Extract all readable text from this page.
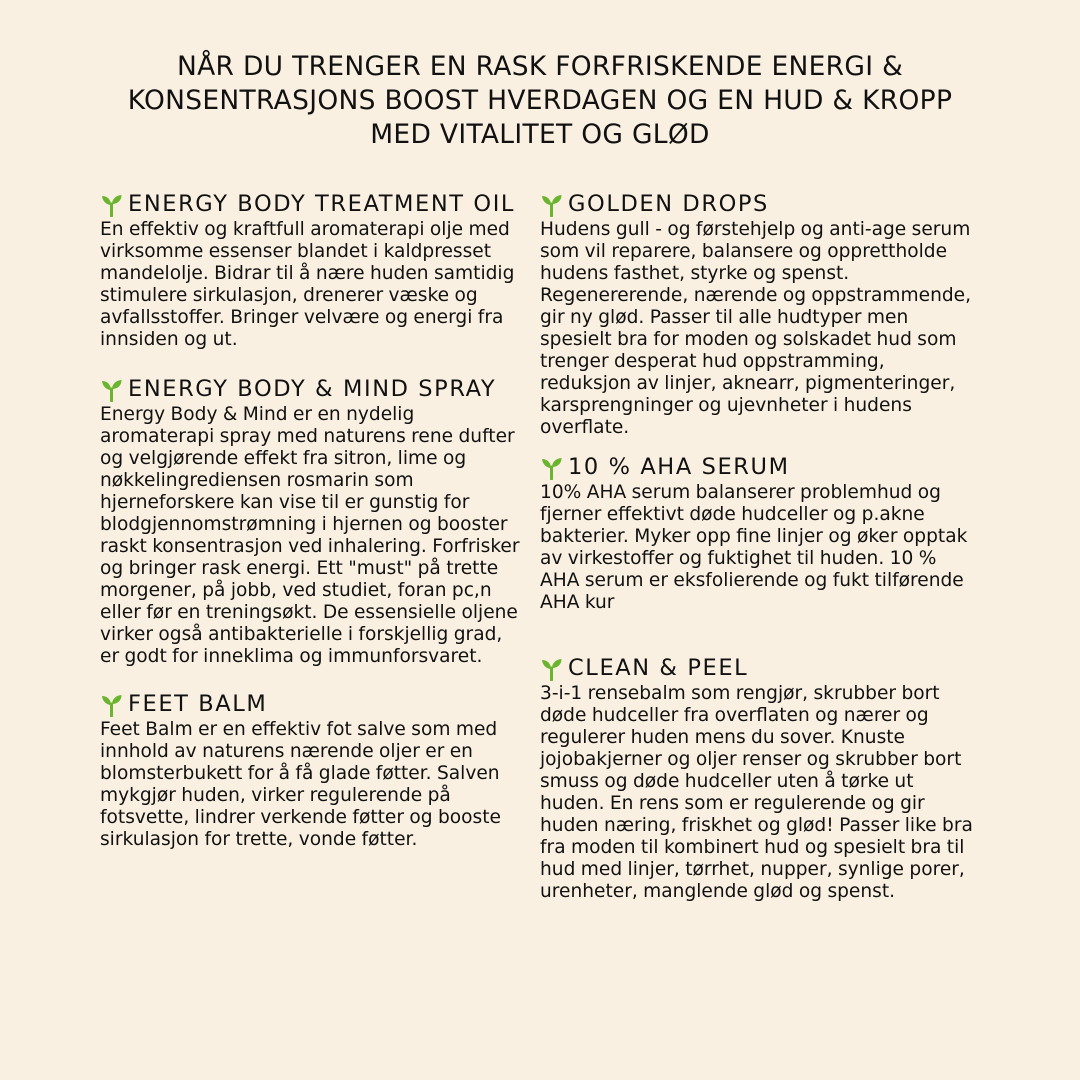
NÅR DU TRENGER EN RASK FORFRISKENDE ENERGI &
KONSENTRASJONS BOOST HVERDAGEN OG EN HUD & KROPP
MED VITALITET OG GLØD
ENERGY BODY TREATMENT OIL

En effektiv og kraftfull aromaterapi olje med virksomme essenser blandet i kaldpresset mandelolje. Bidrar til å nære huden samtidig stimulere sirkulasjon, drenerer væske og avfallsstoffer. Bringer velvære og energi fra innsiden og ut.

ENERGY BODY & MIND SPRAY

Energy Body & Mind er en nydelig aromaterapi spray med naturens rene dufter og velgjørende effekt fra sitron, lime og nøkkelingrediensen rosmarin som hjerneforskere kan vise til er gunstig for blodgjennomstrømning i hjernen og booster raskt konsentrasjon ved inhalering. Forfrisker og bringer rask energi. Ett "must" på trette morgener, på jobb, ved studiet, foran pc,n eller før en treningsøkt. De essensielle oljene virker også antibakterielle i forskjellig grad, er godt for inneklima og immunforsvaret.

FEET BALM

Feet Balm er en effektiv fot salve som med innhold av naturens nærende oljer er en blomsterbukett for å få glade føtter. Salven mykgjør huden, virker regulerende på fotsvette, lindrer verkende føtter og booste sirkulasjon for trette, vonde føtter.

GOLDEN DROPS

Hudens gull - og førstehjelp og anti-age serum som vil reparere, balansere og opprettholde hudens fasthet, styrke og spenst. Regenererende, nærende og oppstrammende, gir ny glød. Passer til alle hudtyper men spesielt bra for moden og solskadet hud som trenger desperat hud oppstramming, reduksjon av linjer, aknearr, pigmenteringer, karsprengninger og ujevnheter i hudens overflate.

10 % AHA SERUM

10% AHA serum balanserer problemhud og fjerner effektivt døde hudceller og p.akne bakterier. Myker opp fine linjer og øker opptak av virkestoffer og fuktighet til huden. 10 % AHA serum er eksfolierende og fukt tilførende AHA kur

CLEAN & PEEL

3-i-1 rensebalm som rengjør, skrubber bort døde hudceller fra overflaten og nærer og regulerer huden mens du sover. Knuste jojobakjerner og oljer renser og skrubber bort smuss og døde hudceller uten å tørke ut huden. En rens som er regulerende og gir huden næring, friskhet og glød! Passer like bra fra moden til kombinert hud og spesielt bra til hud med linjer, tørrhet, nupper, synlige porer, urenheter, manglende glød og spenst.
